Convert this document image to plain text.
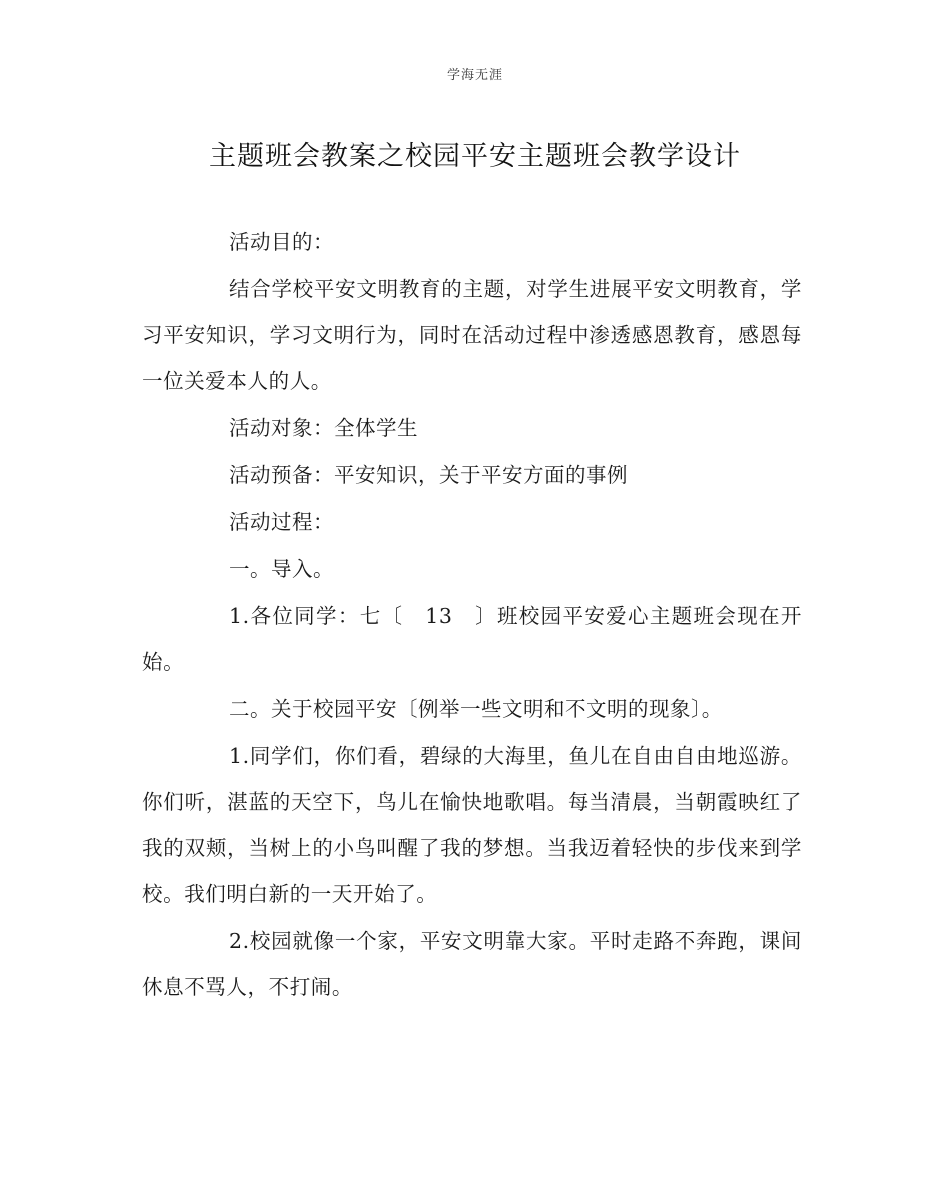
学海无涯
主题班会教案之校园平安主题班会教学设计

活动目的：

结合学校平安文明教育的主题，对学生进展平安文明教育，学习平安知识，学习文明行为，同时在活动过程中渗透感恩教育，感恩每一位关爱本人的人。

活动对象：全体学生

活动预备：平安知识，关于平安方面的事例

活动过程：

一。导入。

1.各位同学：七〔　13　〕班校园平安爱心主题班会现在开始。

二。关于校园平安〔例举一些文明和不文明的现象〕。

1.同学们，你们看，碧绿的大海里，鱼儿在自由自由地巡游。你们听，湛蓝的天空下，鸟儿在愉快地歌唱。每当清晨，当朝霞映红了我的双颊，当树上的小鸟叫醒了我的梦想。当我迈着轻快的步伐来到学校。我们明白新的一天开始了。

2.校园就像一个家，平安文明靠大家。平时走路不奔跑，课间休息不骂人，不打闹。
